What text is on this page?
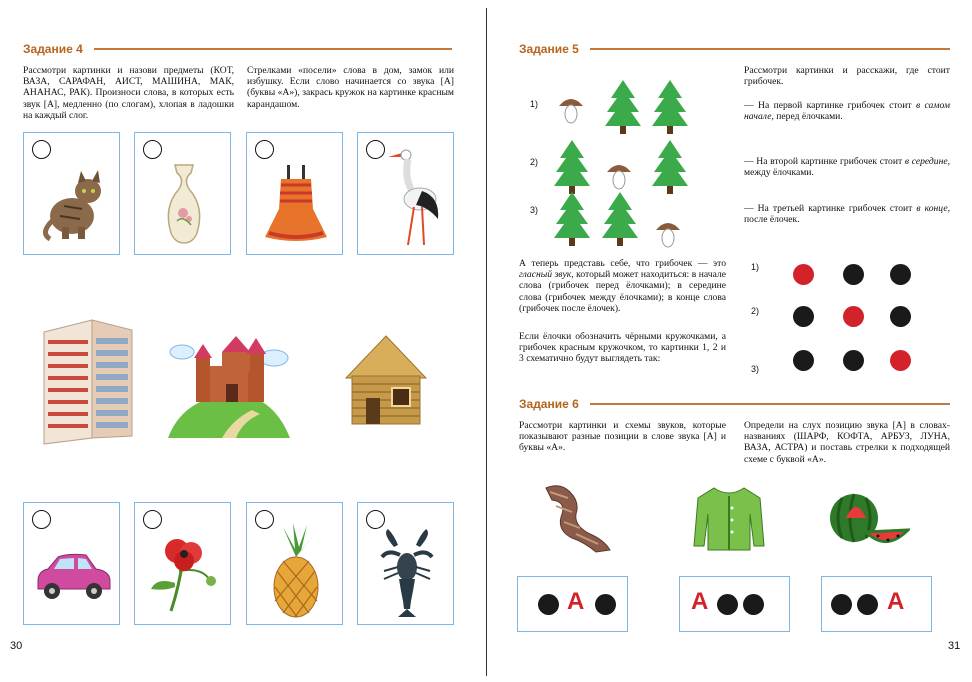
Задание 4
Рассмотри картинки и назови предметы (КОТ, ВАЗА, САРАФАН, АИСТ, МАШИНА, МАК, АНАНАС, РАК). Произноси слова, в которых есть звук [А], медленно (по слогам), хлопая в ладошки на каждый слог.
Стрелками «посели» слова в дом, замок или избушку. Если слово начинается со звука [А] (буквы «А»), закрась кружок на картинке красным карандашом.
30
Задание 5
1)
2)
3)
Рассмотри картинки и расскажи, где стоит грибочек.
— На первой картинке грибочек стоит в самом начале, перед ёлочками.
— На второй картинке грибочек стоит в середине, между ёлочками.
— На третьей картинке грибочек стоит в конце, после ёлочек.
А теперь представь себе, что грибочек — это гласный звук, который может находиться: в начале слова (грибочек перед ёлочками); в середине слова (грибочек между ёлочками); в конце слова (грибочек после ёлочек).
Если ёлочки обозначить чёрными кружочками, а грибочек красным кружочком, то картинки 1, 2 и 3 схематично будут выглядеть так:
1)
2)
3)
Задание 6
Рассмотри картинки и схемы звуков, которые показывают разные позиции в слове звука [А] и буквы «А».
Определи на слух позицию звука [А] в словах-названиях (ШАРФ, КОФТА, АРБУЗ, ЛУНА, ВАЗА, АСТРА) и поставь стрелки к подходящей схеме с буквой «А».
А	А	А
31
